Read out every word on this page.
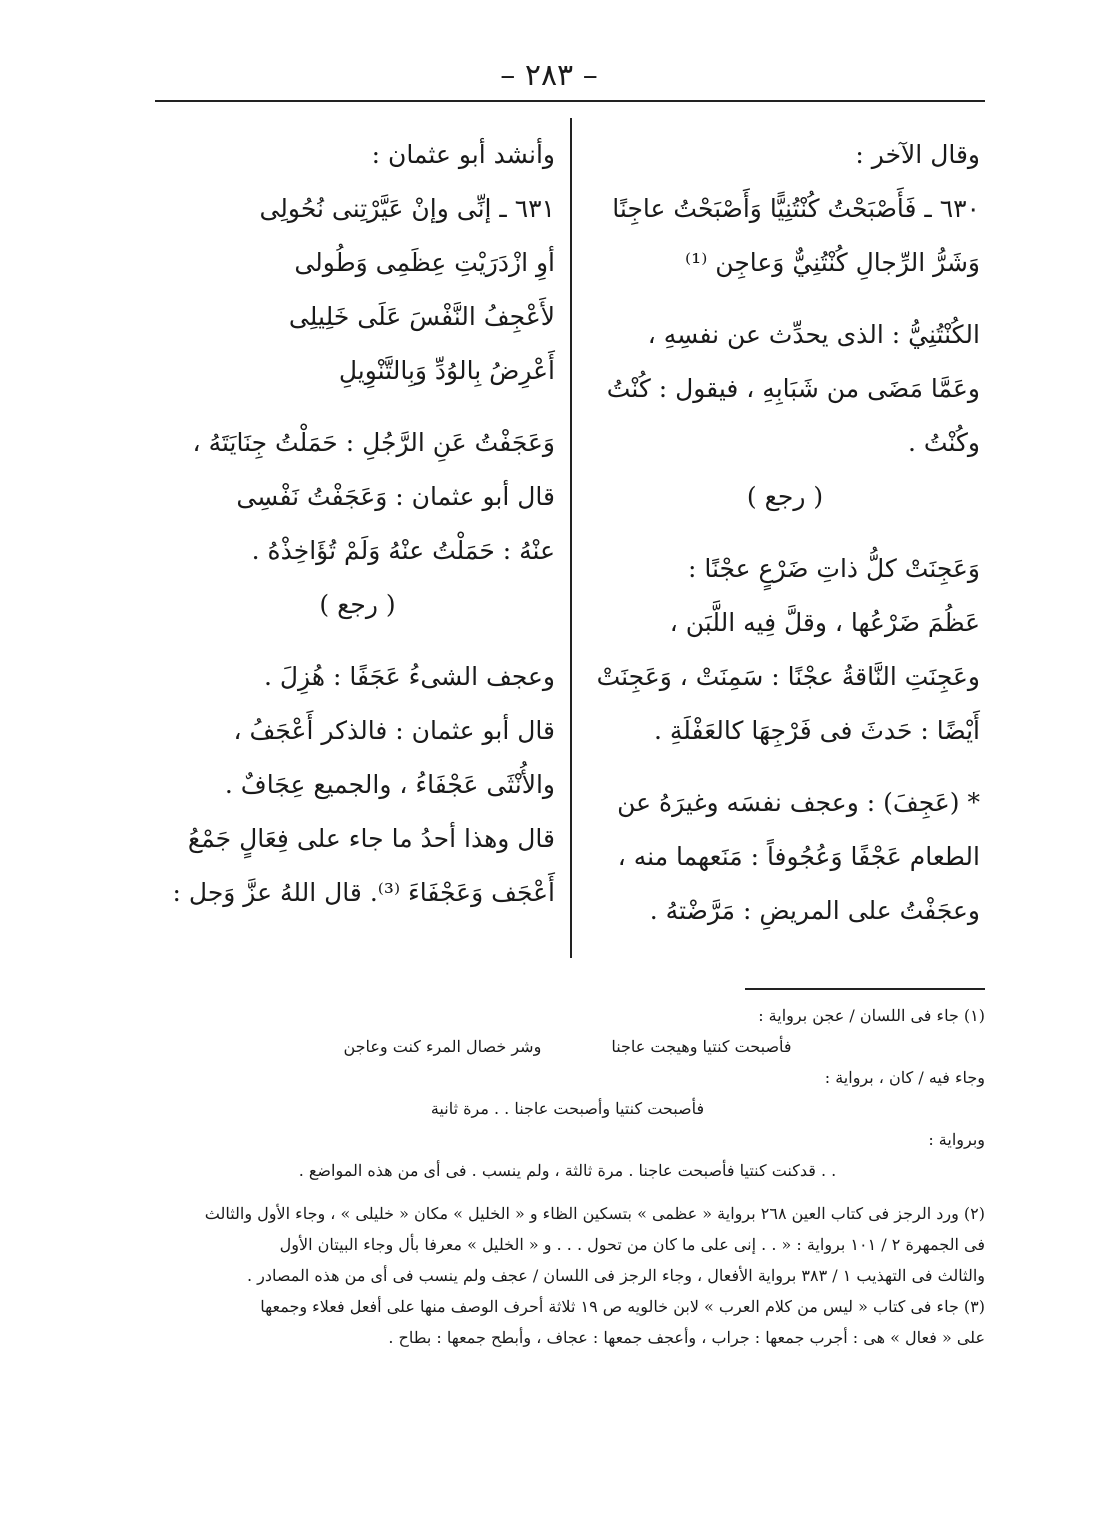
– ٢٨٣ –
وقال الآخر :
٦٣٠ ـ فَأَصْبَحْتُ كُنْتُنِيًّا وَأَصْبَحْتُ عاجِنًا
وَشَرُّ الرِّجالِ كُنْتُنِيٌّ وَعاجِن ⁽¹⁾
الكُنْتُنِيُّ : الذى يحدِّث عن نفسِهِ ،
وعَمَّا مَضَى من شَبَابِهِ ، فيقول : كُنْتُ
وكُنْتُ .
( رجع )
وَعَجِنَتْ كلُّ ذاتِ ضَرْعٍ عجْنًا :
عَظُمَ ضَرْعُها ، وقلَّ فِيه اللَّبَن ،
وعَجِنَتِ النَّاقةُ عجْنًا : سَمِنَتْ ، وَعَجِنَتْ
أَيْضًا : حَدثَ فى فَرْجِهَا كالعَفْلَةِ .
* (عَجِفَ) : وعجف نفسَه وغيرَهُ عن
الطعام عَجْفًا وَعُجُوفاً : مَنَعهما منه ،
وعجَفْتُ على المريضِ : مَرَّضْتهُ .
وأنشد أبو عثمان :
٦٣١ ـ إنِّى وإنْ عَيَّرْتِنى نُحُولِى
أوِ ازْدَرَيْتِ عِظَمِى وَطُولى
لأَعْجِفُ النَّفْسَ عَلَى خَلِيلِى
أَعْرِضُ بِالوُدِّ وَبِالتَّنْوِيلِ
وَعَجَفْتُ عَنِ الرَّجُلِ : حَمَلْتُ جِنَايَتَهُ ،
قال أبو عثمان : وَعَجَفْتُ نَفْسِى
عنْهُ : حَمَلْتُ عنْهُ وَلَمْ تُؤَاخِذْهُ .
( رجع )
وعجف الشىءُ عَجَفًا : هُزِلَ .
قال أبو عثمان : فالذكر أَعْجَفُ ،
والأُنْثَى عَجْفَاءُ ، والجميع عِجَافٌ .
قال وهذا أحدُ ما جاء على فِعَالٍ جَمْعُ
أَعْجَف وَعَجْفَاءَ ⁽³⁾. قال اللهُ عزَّ وَجل :
(١) جاء فى اللسان / عجن برواية :
فأصبحت كنتيا وهيجت عاجنا
وشر خصال المرء كنت وعاجن
وجاء فيه / كان ، برواية :
فأصبحت كنتيا وأصبحت عاجنا . . مرة ثانية
وبرواية :
. . قدكنت كنتيا فأصبحت عاجنا . مرة ثالثة ، ولم ينسب . فى أى من هذه المواضع .
(٢) ورد الرجز فى كتاب العين ٢٦٨ برواية « عظمى » بتسكين الظاء و « الخليل » مكان « خليلى » ، وجاء الأول والثالث
فى الجمهرة ٢ / ١٠١ برواية : « . . إنى على ما كان من تحول . . . و « الخليل » معرفا بأل وجاء البيتان الأول
والثالث فى التهذيب ١ / ٣٨٣ برواية الأفعال ، وجاء الرجز فى اللسان / عجف ولم ينسب فى أى من هذه المصادر .
(٣) جاء فى كتاب « ليس من كلام العرب » لابن خالويه ص ١٩ ثلاثة أحرف الوصف منها على أفعل فعلاء وجمعها
على « فعال » هى : أجرب جمعها : جراب ، وأعجف جمعها : عجاف ، وأبطح جمعها : بطاح .
